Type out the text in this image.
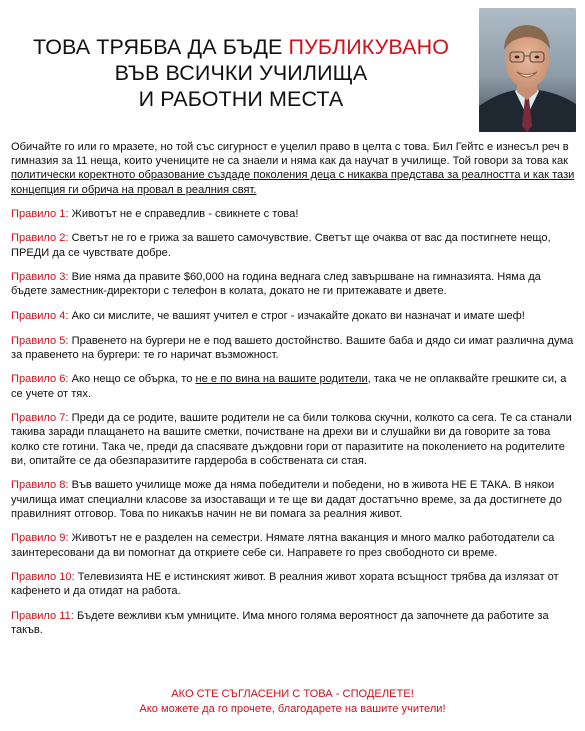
ТОВА ТРЯБВА ДА БЪДЕ ПУБЛИКУВАНО
ВЪВ ВСИЧКИ УЧИЛИЩА
И РАБОТНИ МЕСТА

Обичайте го или го мразете, но той със сигурност е уцелил право в целта с това. Бил Гейтс е изнесъл реч в гимназия за 11 неща, които учениците не са знаели и няма как да научат в училище. Той говори за това как политически коректното образование създаде поколения деца с никаква представа за реалността и как тази концепция ги обрича на провал в реалния свят.

Правило 1: Животът не е справедлив - свикнете с това!

Правило 2: Светът не го е грижа за вашето самочувствие. Светът ще очаква от вас да постигнете нещо, ПРЕДИ да се чувствате добре.

Правило 3: Вие няма да правите $60,000 на година веднага след завършване на гимназията. Няма да бъдете заместник-директори с телефон в колата, докато не ги притежавате и двете.

Правило 4: Ако си мислите, че вашият учител е строг - изчакайте докато ви назначат и имате шеф!

Правило 5: Правенето на бургери не е под вашето достойнство. Вашите баба и дядо си имат различна дума за правенето на бургери: те го наричат възможност.

Правило 6: Ако нещо се обърка, то не е по вина на вашите родители, така че не оплаквайте грешките си, а се учете от тях.

Правило 7: Преди да се родите, вашите родители не са били толкова скучни, колкото са сега. Те са станали такива заради плащането на вашите сметки, почистване на дрехи ви и слушайки ви да говорите за това колко сте готини. Така че, преди да спасявате дъждовни гори от паразитите на поколението на родителите ви, опитайте се да обезпаразитите гардероба в собствената си стая.

Правило 8: Във вашето училище може да няма победители и победени, но в живота НЕ Е ТАКА. В някои училища имат специални класове за изоставащи и те ще ви дадат достатъчно време, за да достигнете до правилният отговор. Това по никакъв начин не ви помага за реалния живот.

Правило 9: Животът не е разделен на семестри. Нямате лятна ваканция и много малко работодатели са заинтересовани да ви помогнат да откриете себе си. Направете го през свободното си време.

Правило 10: Телевизията НЕ е истинският живот. В реалния живот хората всъщност трябва да излязат от кафенето и да отидат на работа.

Правило 11: Бъдете вежливи към умниците. Има много голяма вероятност да започнете да работите за такъв.

АКО СТЕ СЪГЛАСЕНИ С ТОВА - СПОДЕЛЕТЕ!
Ако можете да го прочете, благодарете на вашите учители!
